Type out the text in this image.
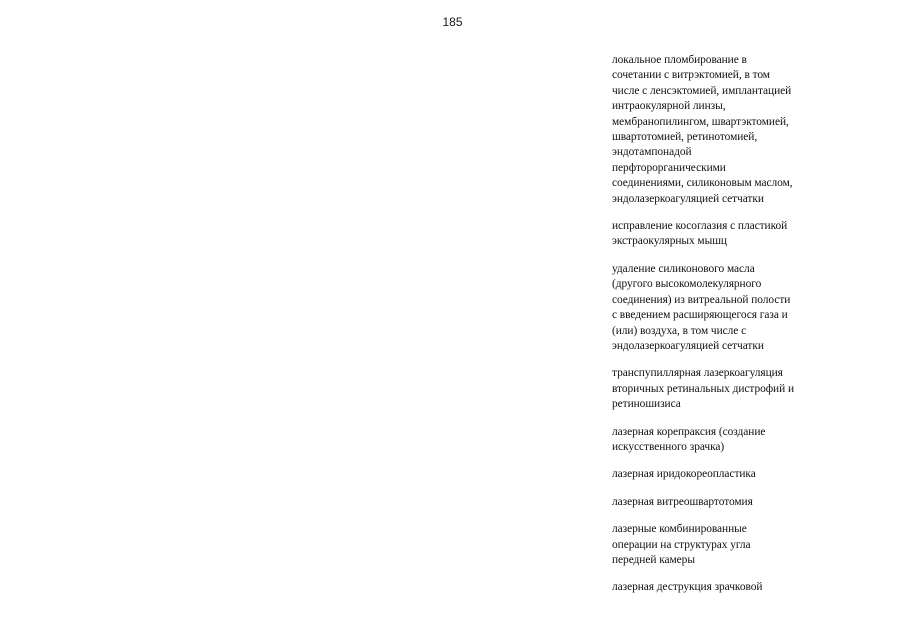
185

локальное пломбирование в
сочетании с витрэктомией, в том
числе с ленсэктомией, имплантацией
интраокулярной линзы,
мембранопилингом, швартэктомией,
швартотомией, ретинотомией,
эндотампонадой
перфторорганическими
соединениями, силиконовым маслом,
эндолазеркоагуляцией сетчатки

исправление косоглазия с пластикой
экстраокулярных мышц

удаление силиконового масла
(другого высокомолекулярного
соединения) из витреальной полости
с введением расширяющегося газа и
(или) воздуха, в том числе с
эндолазеркоагуляцией сетчатки

транспупиллярная лазеркоагуляция
вторичных ретинальных дистрофий и
ретиношизиса

лазерная корепраксия (создание
искусственного зрачка)

лазерная иридокореопластика

лазерная витреошвартотомия

лазерные комбинированные
операции на структурах угла
передней камеры

лазерная деструкция зрачковой
